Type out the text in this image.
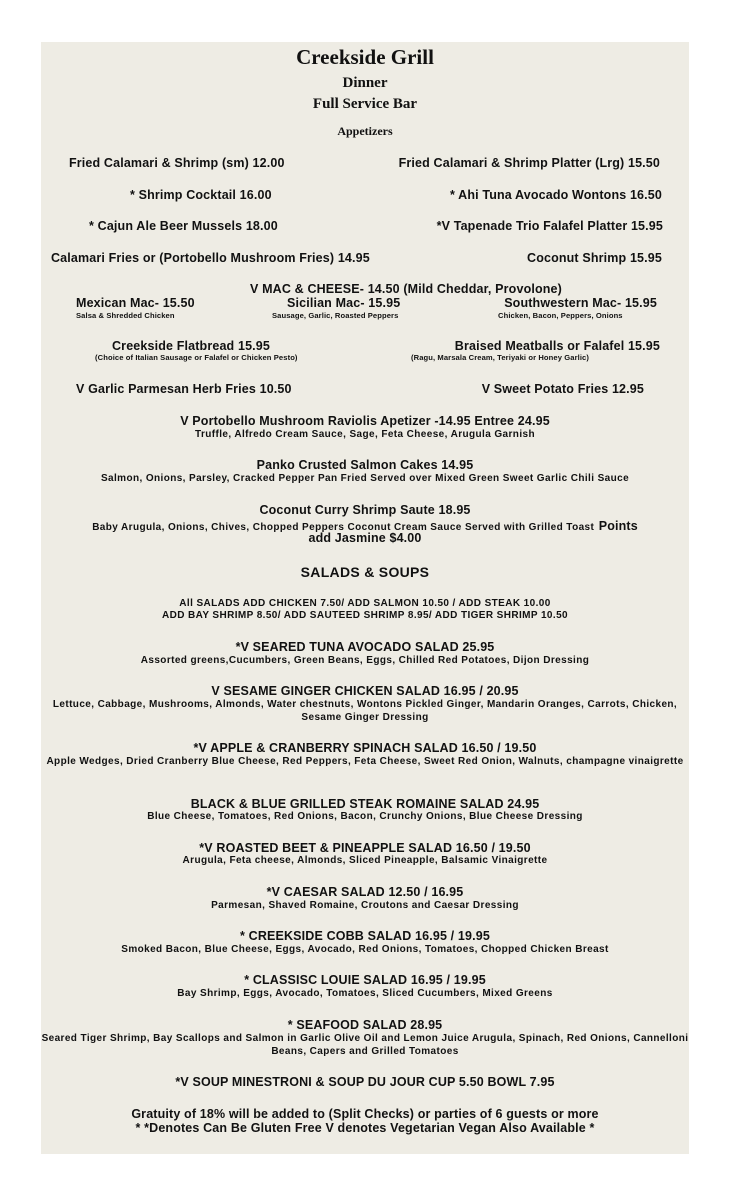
Creekside Grill
Dinner
Full Service Bar
Appetizers
Fried Calamari & Shrimp (sm) 12.00	Fried Calamari & Shrimp Platter (Lrg) 15.50
* Shrimp Cocktail 16.00	* Ahi Tuna Avocado Wontons 16.50
* Cajun Ale Beer Mussels 18.00	*V Tapenade Trio Falafel Platter 15.95
Calamari Fries or (Portobello Mushroom Fries) 14.95	Coconut Shrimp 15.95
V MAC & CHEESE- 14.50 (Mild Cheddar, Provolone)
Mexican Mac- 15.50
Salsa & Shredded Chicken
Sicilian Mac- 15.95
Sausage, Garlic, Roasted Peppers
Southwestern Mac- 15.95
Chicken, Bacon, Peppers, Onions
Creekside Flatbread 15.95
(Choice of Italian Sausage or Falafel or Chicken Pesto)
Braised Meatballs or Falafel 15.95
(Ragu, Marsala Cream, Teriyaki or Honey Garlic)
V Garlic Parmesan Herb Fries 10.50	V Sweet Potato Fries 12.95
V Portobello Mushroom Raviolis Apetizer -14.95 Entree 24.95
Truffle, Alfredo Cream Sauce, Sage, Feta Cheese, Arugula Garnish
Panko Crusted Salmon Cakes 14.95
Salmon, Onions, Parsley, Cracked Pepper Pan Fried Served over Mixed Green Sweet Garlic Chili Sauce
Coconut Curry Shrimp Saute 18.95
Baby Arugula, Onions, Chives, Chopped Peppers Coconut Cream Sauce Served with Grilled Toast Points
add Jasmine $4.00
SALADS & SOUPS
All SALADS ADD CHICKEN 7.50/ ADD SALMON 10.50 / ADD STEAK 10.00
ADD BAY SHRIMP 8.50/ ADD SAUTEED SHRIMP 8.95/ ADD TIGER SHRIMP 10.50
*V SEARED TUNA AVOCADO SALAD 25.95
Assorted greens,Cucumbers, Green Beans, Eggs, Chilled Red Potatoes, Dijon Dressing
V SESAME GINGER CHICKEN SALAD 16.95 / 20.95
Lettuce, Cabbage, Mushrooms, Almonds, Water chestnuts, Wontons Pickled Ginger, Mandarin Oranges, Carrots, Chicken, Sesame Ginger Dressing
*V APPLE & CRANBERRY SPINACH SALAD 16.50 / 19.50
Apple Wedges, Dried Cranberry Blue Cheese, Red Peppers, Feta Cheese, Sweet Red Onion, Walnuts, champagne vinaigrette
BLACK & BLUE GRILLED STEAK ROMAINE SALAD 24.95
Blue Cheese, Tomatoes, Red Onions, Bacon, Crunchy Onions, Blue Cheese Dressing
*V ROASTED BEET & PINEAPPLE SALAD 16.50 / 19.50
Arugula, Feta cheese, Almonds, Sliced Pineapple, Balsamic Vinaigrette
*V CAESAR SALAD 12.50 / 16.95
Parmesan, Shaved Romaine, Croutons and Caesar Dressing
* CREEKSIDE COBB SALAD 16.95 / 19.95
Smoked Bacon, Blue Cheese, Eggs, Avocado, Red Onions, Tomatoes, Chopped Chicken Breast
* CLASSISC LOUIE SALAD 16.95 / 19.95
Bay Shrimp, Eggs, Avocado, Tomatoes, Sliced Cucumbers, Mixed Greens
* SEAFOOD SALAD 28.95
Seared Tiger Shrimp, Bay Scallops and Salmon in Garlic Olive Oil and Lemon Juice Arugula, Spinach, Red Onions, Cannelloni Beans, Capers and Grilled Tomatoes
*V SOUP MINESTRONI & SOUP DU JOUR CUP 5.50 BOWL 7.95
Gratuity of 18% will be added to (Split Checks) or parties of 6 guests or more
* *Denotes Can Be Gluten Free V denotes Vegetarian Vegan Also Available *
